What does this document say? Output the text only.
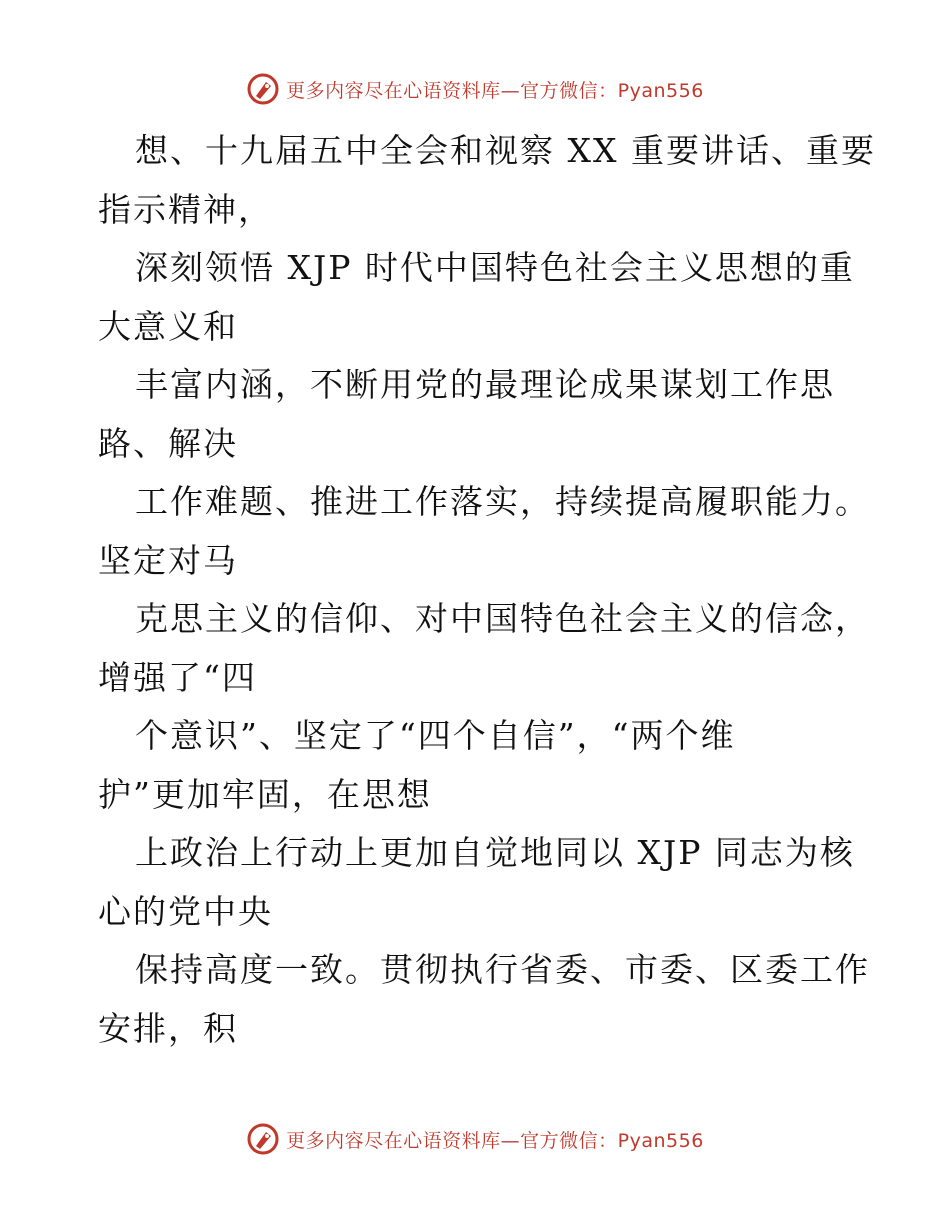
更多内容尽在心语资料库—官方微信：Pyan556
想、十九届五中全会和视察 XX 重要讲话、重要
指示精神，
深刻领悟 XJP 时代中国特色社会主义思想的重
大意义和
丰富内涵，不断用党的最理论成果谋划工作思
路、解决
工作难题、推进工作落实，持续提高履职能力。
坚定对马
克思主义的信仰、对中国特色社会主义的信念，
增强了“四
个意识”、坚定了“四个自信”，“两个维
护”更加牢固，在思想
上政治上行动上更加自觉地同以 XJP 同志为核
心的党中央
保持高度一致。贯彻执行省委、市委、区委工作
安排，积
更多内容尽在心语资料库—官方微信：Pyan556
